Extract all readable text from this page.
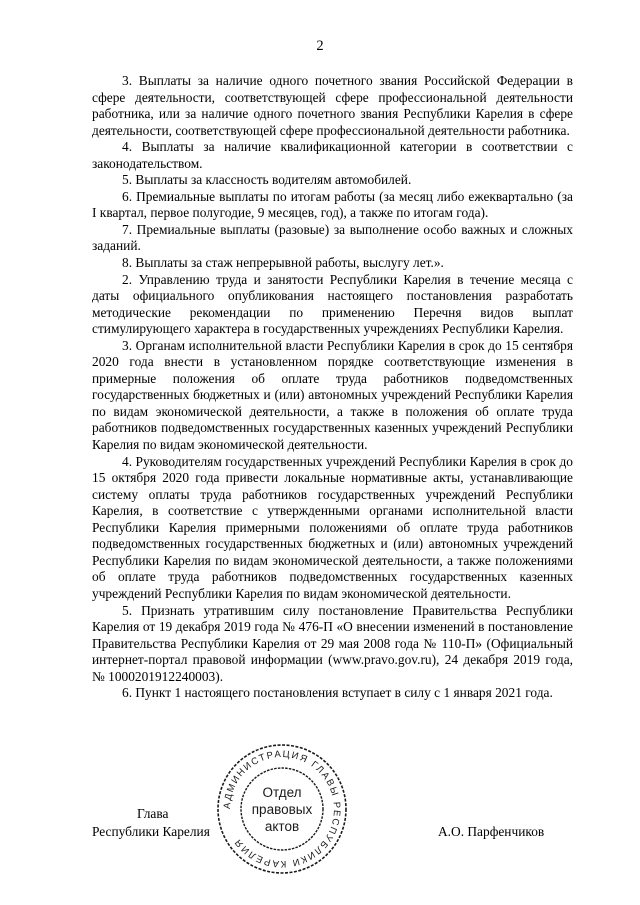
2

3. Выплаты за наличие одного почетного звания Российской Федерации в сфере деятельности, соответствующей сфере профессиональной деятельности работника, или за наличие одного почетного звания Республики Карелия в сфере деятельности, соответствующей сфере профессиональной деятельности работника.

4. Выплаты за наличие квалификационной категории в соответствии с законодательством.

5. Выплаты за классность водителям автомобилей.

6. Премиальные выплаты по итогам работы (за месяц либо ежеквартально (за I квартал, первое полугодие, 9 месяцев, год), а также по итогам года).

7. Премиальные выплаты (разовые) за выполнение особо важных и сложных заданий.

8. Выплаты за стаж непрерывной работы, выслугу лет.».

2. Управлению труда и занятости Республики Карелия в течение месяца с даты официального опубликования настоящего постановления разработать методические рекомендации по применению Перечня видов выплат стимулирующего характера в государственных учреждениях Республики Карелия.

3. Органам исполнительной власти Республики Карелия в срок до 15 сентября 2020 года внести в установленном порядке соответствующие изменения в примерные положения об оплате труда работников подведомственных государственных бюджетных и (или) автономных учреждений Республики Карелия по видам экономической деятельности, а также в положения об оплате труда работников подведомственных государственных казенных учреждений Республики Карелия по видам экономической деятельности.

4. Руководителям государственных учреждений Республики Карелия в срок до 15 октября 2020 года привести локальные нормативные акты, устанавливающие систему оплаты труда работников государственных учреждений Республики Карелия, в соответствие с утвержденными органами исполнительной власти Республики Карелия примерными положениями об оплате труда работников подведомственных государственных бюджетных и (или) автономных учреждений Республики Карелия по видам экономической деятельности, а также положениями об оплате труда работников подведомственных государственных казенных учреждений Республики Карелия по видам экономической деятельности.

5. Признать утратившим силу постановление Правительства Республики Карелия от 19 декабря 2019 года № 476-П «О внесении изменений в постановление Правительства Республики Карелия от 29 мая 2008 года № 110-П» (Официальный интернет-портал правовой информации (www.pravo.gov.ru), 24 декабря 2019 года, № 1000201912240003).

6. Пункт 1 настоящего постановления вступает в силу с 1 января 2021 года.

Глава
Республики Карелия	А.О. Парфенчиков
АДМИНИСТРАЦИЯ ГЛАВЫ РЕСПУБЛИКИ КАРЕЛИЯ
Отдел
правовых
актов
